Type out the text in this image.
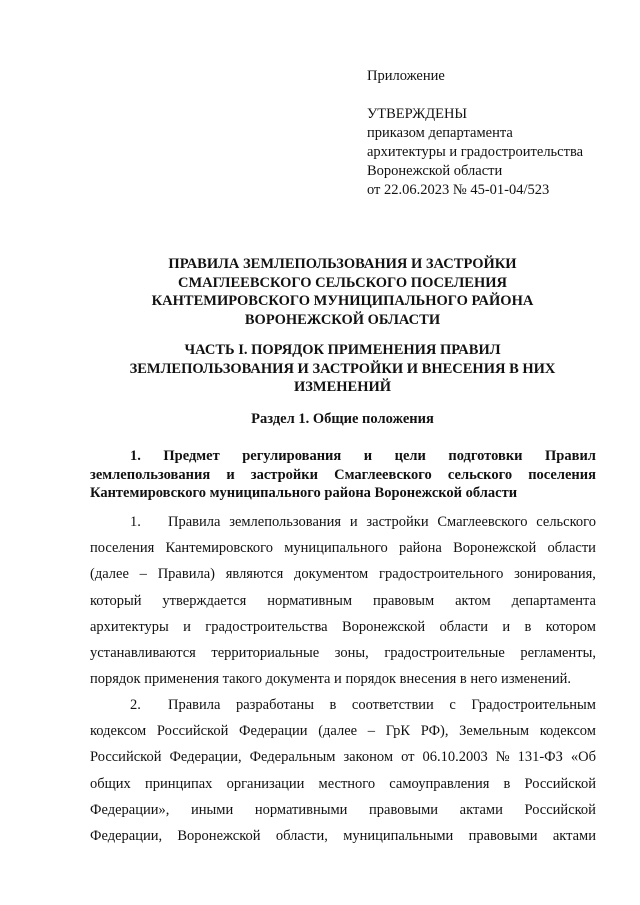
Приложение
УТВЕРЖДЕНЫ
приказом департамента
архитектуры и градостроительства
Воронежской области
от 22.06.2023 № 45-01-04/523
ПРАВИЛА ЗЕМЛЕПОЛЬЗОВАНИЯ И ЗАСТРОЙКИ
СМАГЛЕЕВСКОГО СЕЛЬСКОГО ПОСЕЛЕНИЯ
КАНТЕМИРОВСКОГО МУНИЦИПАЛЬНОГО РАЙОНА
ВОРОНЕЖСКОЙ ОБЛАСТИ
ЧАСТЬ I. ПОРЯДОК ПРИМЕНЕНИЯ ПРАВИЛ
ЗЕМЛЕПОЛЬЗОВАНИЯ И ЗАСТРОЙКИ И ВНЕСЕНИЯ В НИХ
ИЗМЕНЕНИЙ
Раздел 1. Общие положения
1. Предмет регулирования и цели подготовки Правил
землепользования и застройки Смаглеевского сельского поселения
Кантемировского муниципального района Воронежской области
1.	Правила землепользования и застройки Смаглеевского сельского
поселения Кантемировского муниципального района Воронежской области
(далее – Правила) являются документом градостроительного зонирования,
который утверждается нормативным правовым актом департамента
архитектуры и градостроительства Воронежской области и в котором
устанавливаются территориальные зоны, градостроительные регламенты,
порядок применения такого документа и порядок внесения в него изменений.
2.	Правила разработаны в соответствии с Градостроительным
кодексом Российской Федерации (далее – ГрК РФ), Земельным кодексом
Российской Федерации, Федеральным законом от 06.10.2003 № 131-ФЗ «Об
общих принципах организации местного самоуправления в Российской
Федерации», иными нормативными правовыми актами Российской
Федерации, Воронежской области, муниципальными правовыми актами
